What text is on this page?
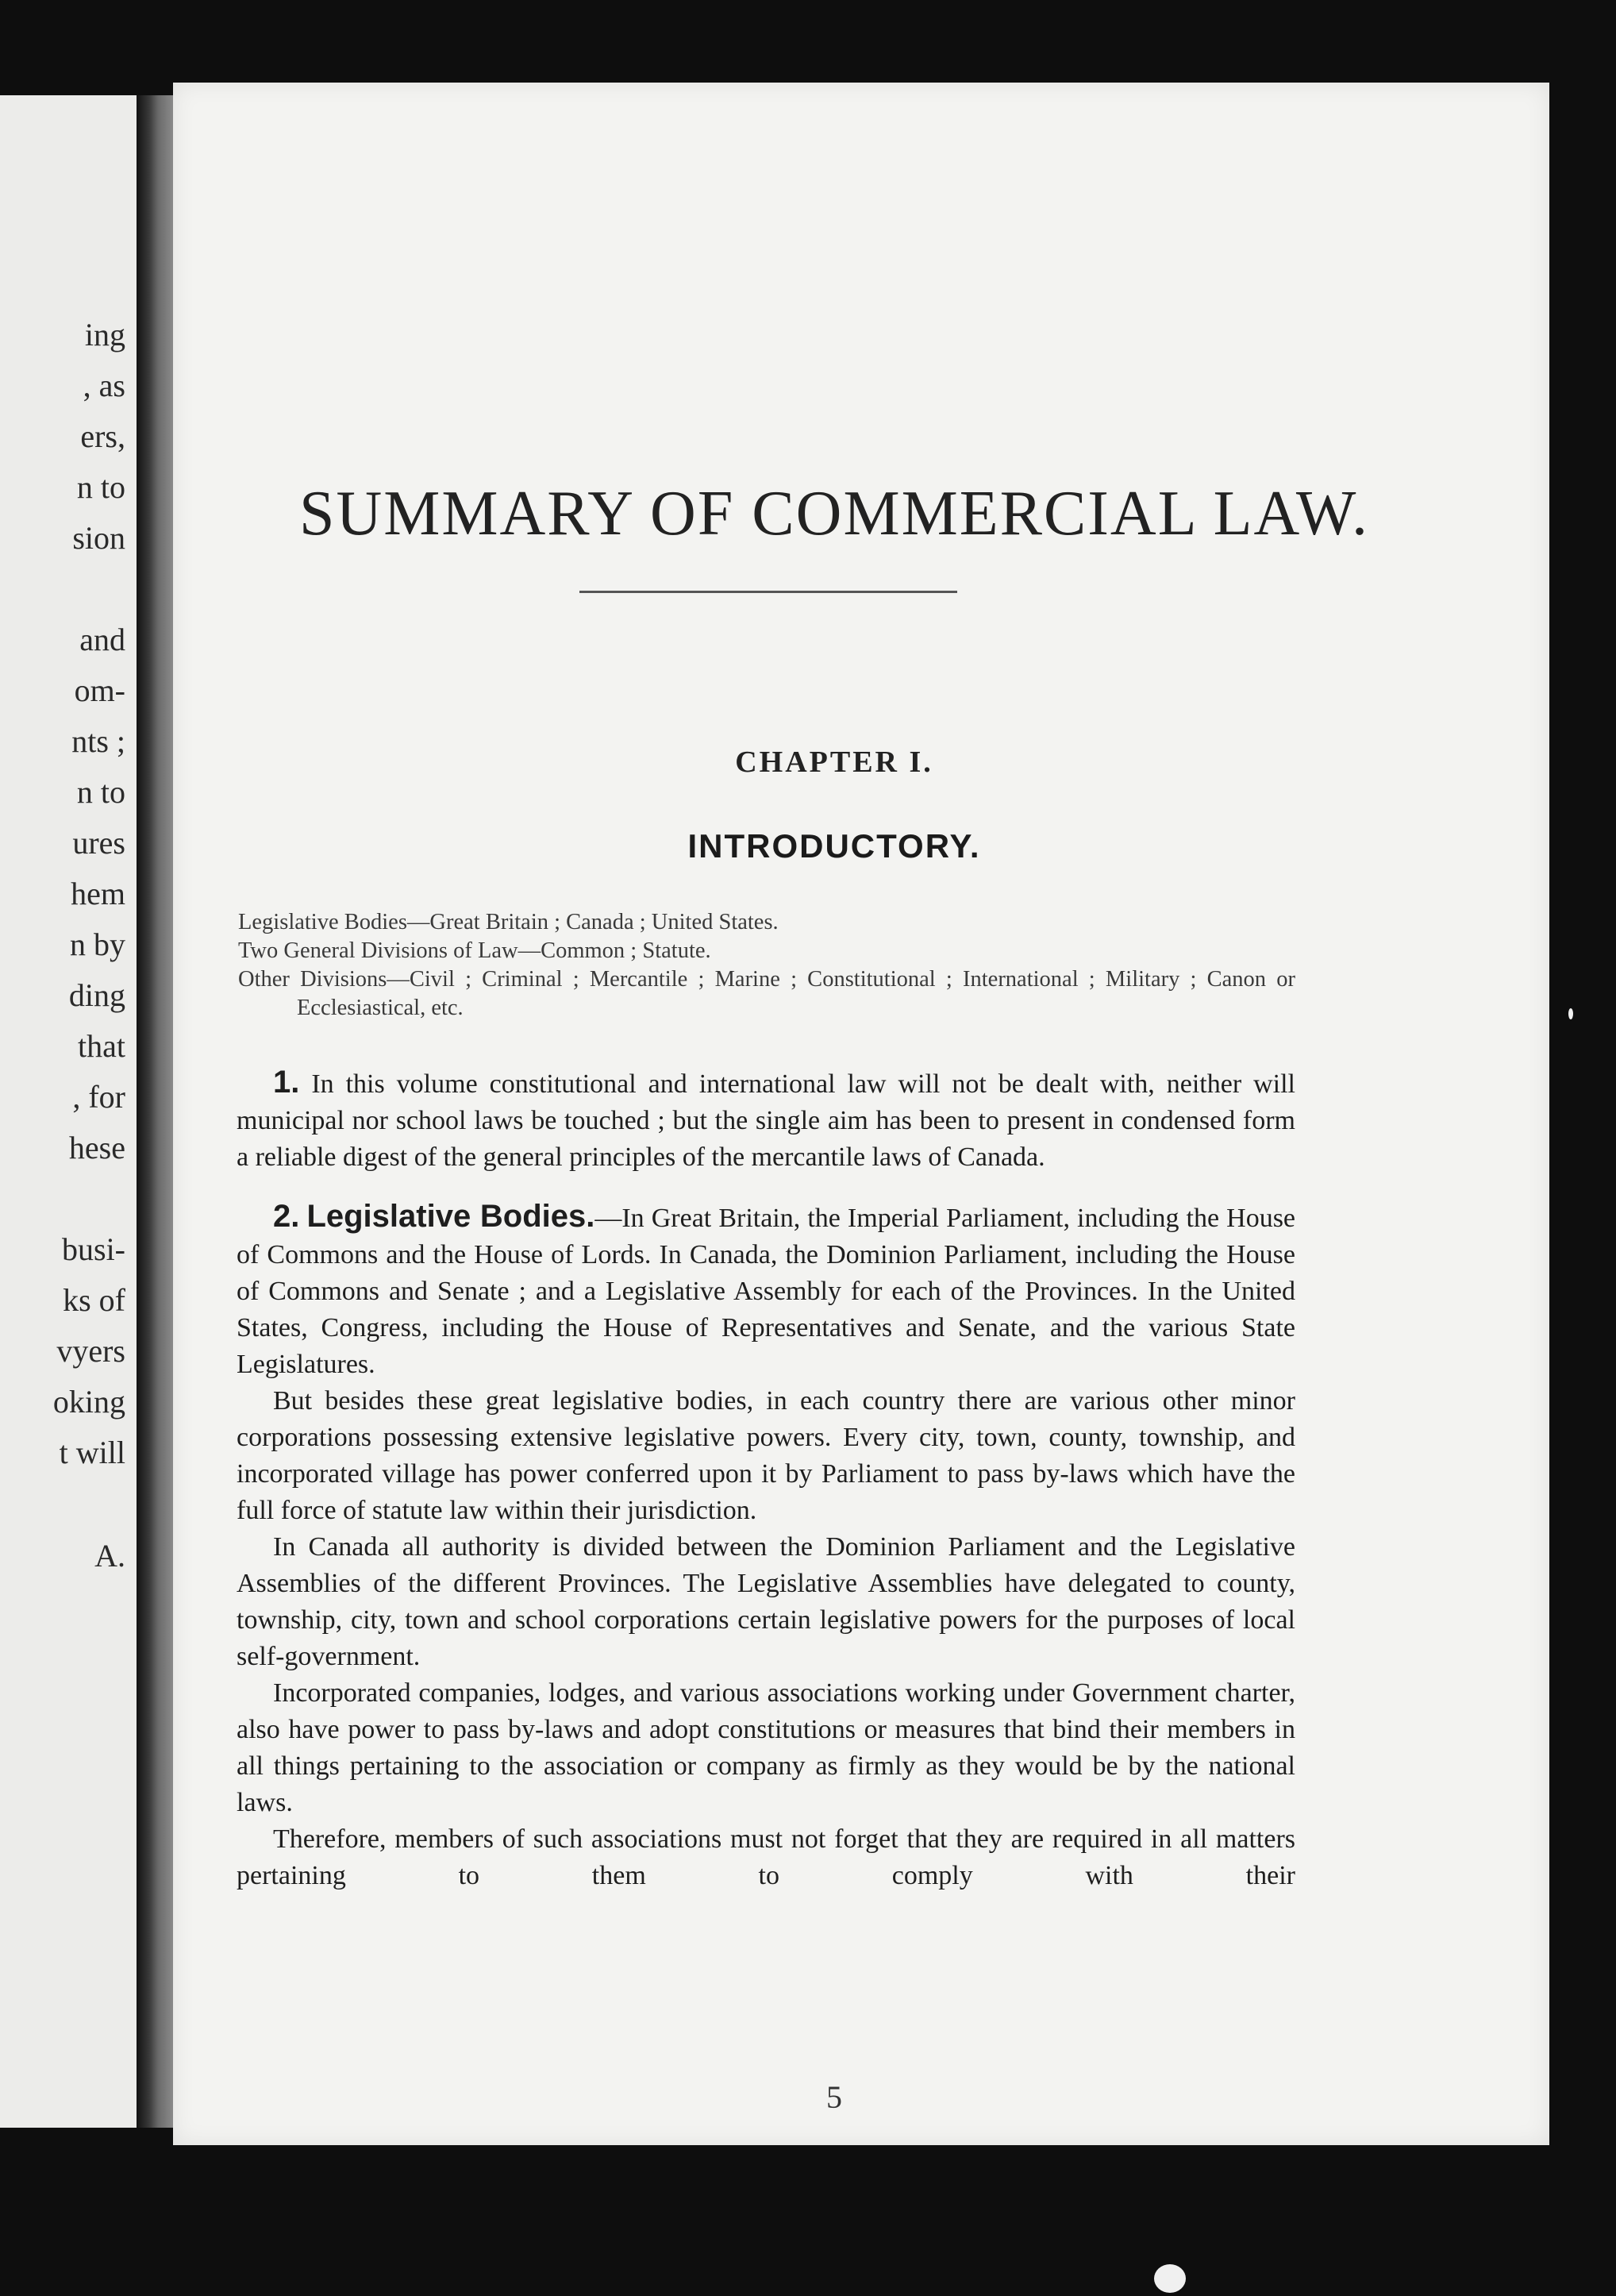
ing
, as
ers,
n to
sion
and
om-
nts ;
n to
ures
hem
n by
ding
that
, for
hese
busi-
ks of
vyers
oking
t will
A.
SUMMARY OF COMMERCIAL LAW.
CHAPTER I.
INTRODUCTORY.

Legislative Bodies—Great Britain ; Canada ; United States.

Two General Divisions of Law—Common ; Statute.

Other Divisions—Civil ; Criminal ; Mercantile ; Marine ; Constitutional ; International ; Military ; Canon or Ecclesiastical, etc.

1. In this volume constitutional and international law will not be dealt with, neither will municipal nor school laws be touched ; but the single aim has been to present in condensed form a reliable digest of the general principles of the mercantile laws of Canada.

2. Legislative Bodies.—In Great Britain, the Imperial Parliament, including the House of Commons and the House of Lords. In Canada, the Dominion Parliament, including the House of Commons and Senate ; and a Legislative Assembly for each of the Provinces. In the United States, Congress, including the House of Representatives and Senate, and the various State Legislatures.

But besides these great legislative bodies, in each country there are various other minor corporations possessing extensive legislative powers. Every city, town, county, township, and incorporated village has power conferred upon it by Parliament to pass by-laws which have the full force of statute law within their jurisdiction.

In Canada all authority is divided between the Dominion Parliament and the Legislative Assemblies of the different Provinces. The Legislative Assemblies have delegated to county, township, city, town and school corporations certain legislative powers for the purposes of local self-government.

Incorporated companies, lodges, and various associations working under Government charter, also have power to pass by-laws and adopt constitutions or measures that bind their members in all things pertaining to the association or company as firmly as they would be by the national laws.

Therefore, members of such associations must not forget that they are required in all matters pertaining to them to comply with their

5
